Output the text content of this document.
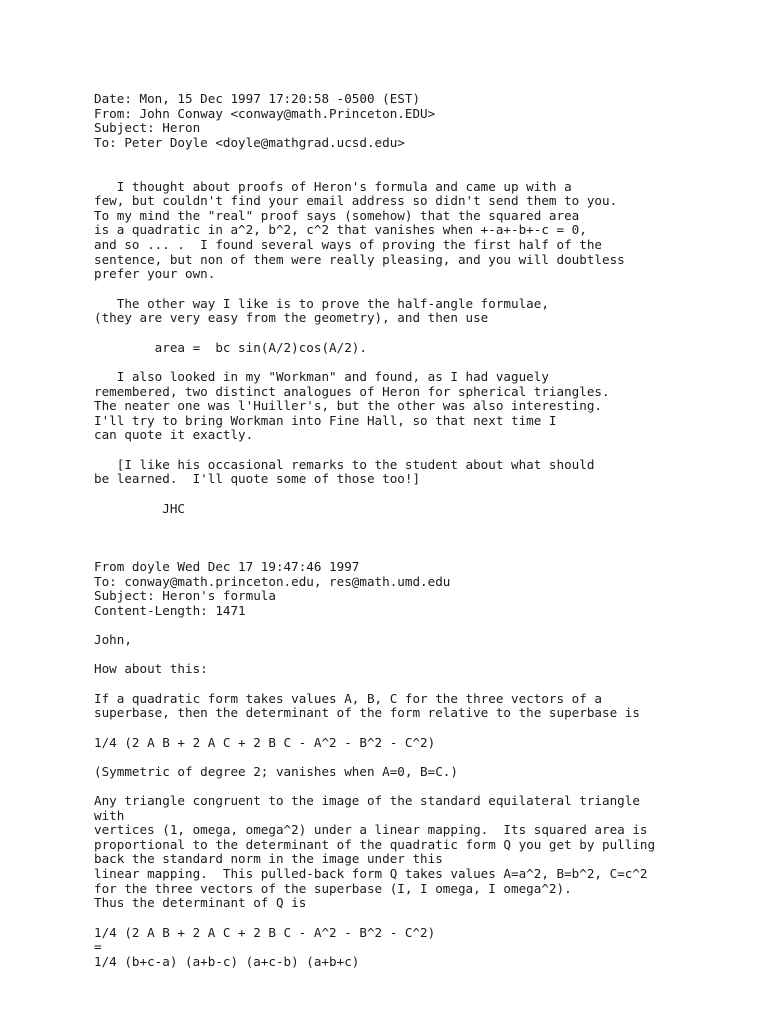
Date: Mon, 15 Dec 1997 17:20:58 -0500 (EST)
From: John Conway <conway@math.Princeton.EDU>
Subject: Heron
To: Peter Doyle <doyle@mathgrad.ucsd.edu>
I thought about proofs of Heron's formula and came up with a
few, but couldn't find your email address so didn't send them to you.
To my mind the "real" proof says (somehow) that the squared area
is a quadratic in a^2, b^2, c^2 that vanishes when +-a+-b+-c = 0,
and so ... .  I found several ways of proving the first half of the
sentence, but non of them were really pleasing, and you will doubtless
prefer your own.
The other way I like is to prove the half-angle formulae,
(they are very easy from the geometry), and then use
area =  bc sin(A/2)cos(A/2).
I also looked in my "Workman" and found, as I had vaguely
remembered, two distinct analogues of Heron for spherical triangles.
The neater one was l'Huiller's, but the other was also interesting.
I'll try to bring Workman into Fine Hall, so that next time I
can quote it exactly.
[I like his occasional remarks to the student about what should
be learned.  I'll quote some of those too!]
JHC
From doyle Wed Dec 17 19:47:46 1997
To: conway@math.princeton.edu, res@math.umd.edu
Subject: Heron's formula
Content-Length: 1471
John,
How about this:
If a quadratic form takes values A, B, C for the three vectors of a
superbase, then the determinant of the form relative to the superbase is
1/4 (2 A B + 2 A C + 2 B C - A^2 - B^2 - C^2)
(Symmetric of degree 2; vanishes when A=0, B=C.)
Any triangle congruent to the image of the standard equilateral triangle
with
vertices (1, omega, omega^2) under a linear mapping.  Its squared area is
proportional to the determinant of the quadratic form Q you get by pulling
back the standard norm in the image under this
linear mapping.  This pulled-back form Q takes values A=a^2, B=b^2, C=c^2
for the three vectors of the superbase (I, I omega, I omega^2).
Thus the determinant of Q is
1/4 (2 A B + 2 A C + 2 B C - A^2 - B^2 - C^2)
=
1/4 (b+c-a) (a+b-c) (a+c-b) (a+b+c)
